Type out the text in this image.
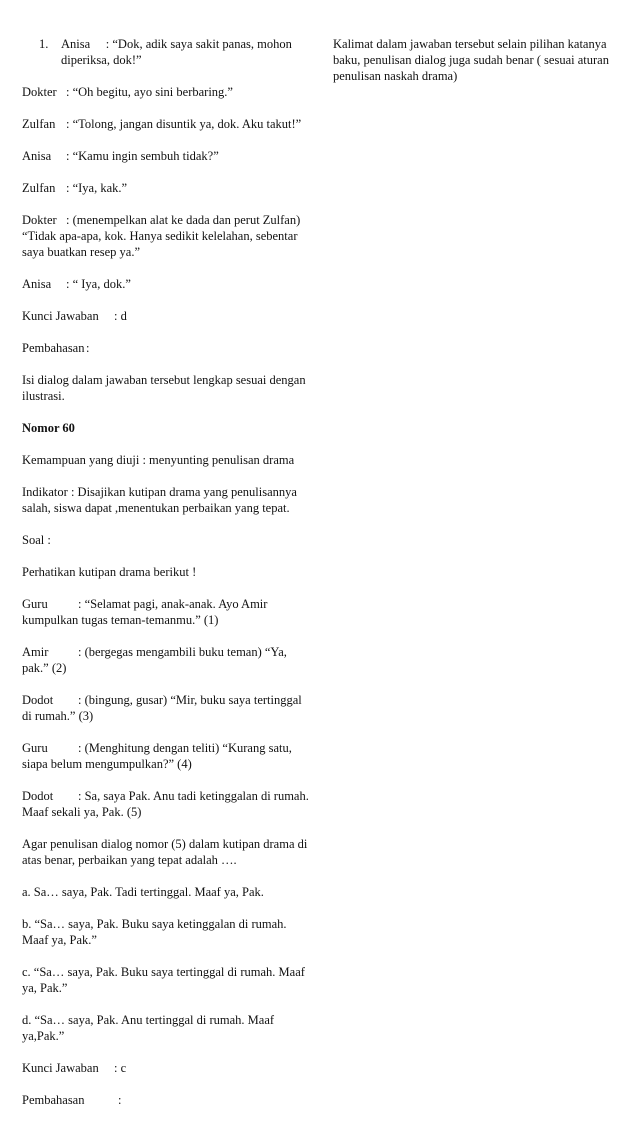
1.	Anisa     : “Dok, adik saya sakit panas, mohon
diperiksa, dok!”

Dokter : “Oh begitu, ayo sini berbaring.”

Zulfan : “Tolong, jangan disuntik ya, dok. Aku takut!”

Anisa : “Kamu ingin sembuh tidak?”

Zulfan : “Iya, kak.”

Dokter : (menempelkan alat ke dada dan perut Zulfan) “Tidak apa-apa, kok. Hanya sedikit kelelahan, sebentar saya buatkan resep ya.”

Anisa : “ Iya, dok.”

Kunci Jawaban : d

Pembahasan :

Isi dialog dalam jawaban tersebut lengkap sesuai dengan ilustrasi.

Nomor 60

Kemampuan yang diuji : menyunting penulisan drama

Indikator : Disajikan kutipan drama yang penulisannya salah, siswa dapat ,menentukan perbaikan yang tepat.

Soal :

Perhatikan kutipan drama berikut !

Guru : “Selamat pagi, anak-anak. Ayo Amir kumpulkan tugas teman-temanmu.” (1)

Amir : (bergegas mengambili buku teman) “Ya, pak.” (2)

Dodot : (bingung, gusar) “Mir, buku saya tertinggal di rumah.” (3)

Guru : (Menghitung dengan teliti) “Kurang satu, siapa belum mengumpulkan?” (4)

Dodot : Sa, saya Pak. Anu tadi ketinggalan di rumah. Maaf sekali ya, Pak. (5)

Agar penulisan dialog nomor (5) dalam kutipan drama di atas benar, perbaikan yang tepat adalah ….

a. Sa… saya, Pak. Tadi tertinggal. Maaf ya, Pak.

b. “Sa… saya, Pak. Buku saya ketinggalan di rumah. Maaf ya, Pak.”

c. “Sa… saya, Pak. Buku saya tertinggal di rumah. Maaf ya, Pak.”

d. “Sa… saya, Pak. Anu tertinggal di rumah. Maaf ya,Pak.”

Kunci Jawaban : c

Pembahasan	:

Kalimat dalam jawaban tersebut selain pilihan katanya baku, penulisan dialog juga sudah benar ( sesuai aturan penulisan naskah drama)
